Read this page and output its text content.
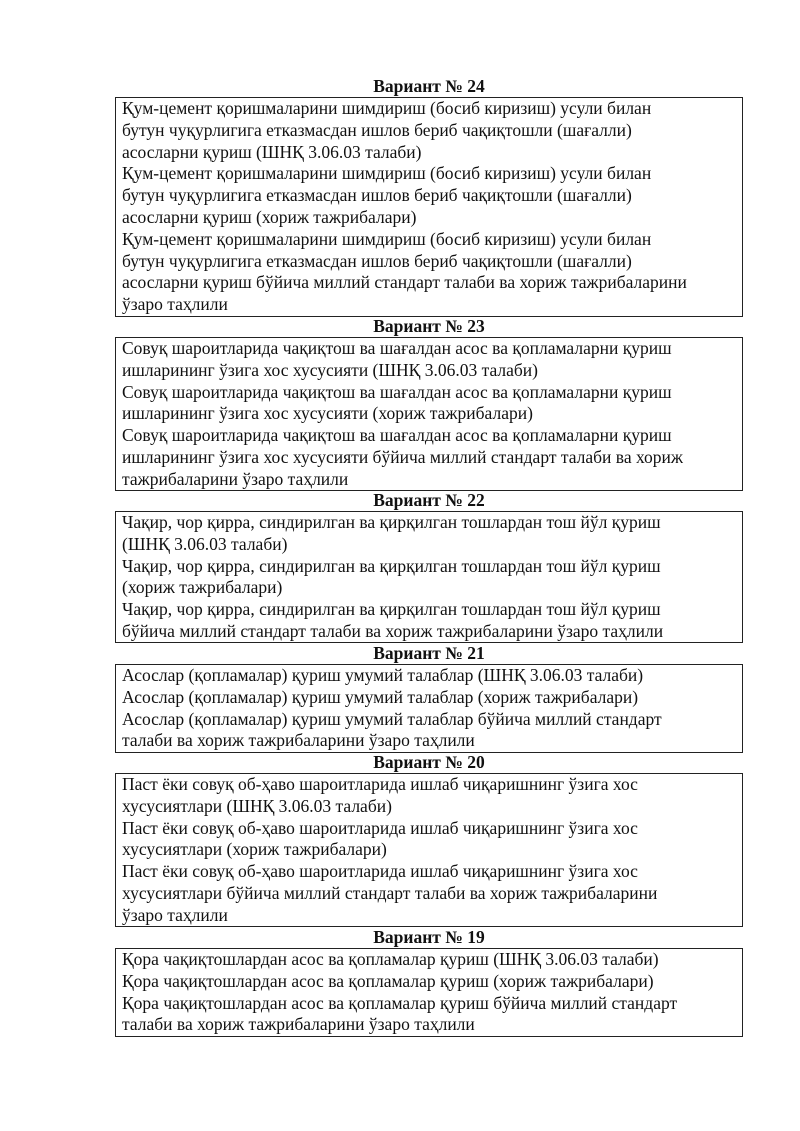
Вариант № 24
Қум-цемент қоришмаларини шимдириш (босиб киризиш) усули билан
бутун чуқурлигига етказмасдан ишлов бериб чақиқтошли (шағалли)
асосларни қуриш (ШНҚ 3.06.03 талаби)
Қум-цемент қоришмаларини шимдириш (босиб киризиш) усули билан
бутун чуқурлигига етказмасдан ишлов бериб чақиқтошли (шағалли)
асосларни қуриш (хориж тажрибалари)
Қум-цемент қоришмаларини шимдириш (босиб киризиш) усули билан
бутун чуқурлигига етказмасдан ишлов бериб чақиқтошли (шағалли)
асосларни қуриш бўйича миллий стандарт талаби ва хориж тажрибаларини
ўзаро таҳлили
Вариант № 23
Совуқ шароитларида чақиқтош ва шағалдан асос ва қопламаларни қуриш
ишларининг ўзига хос хусусияти (ШНҚ 3.06.03 талаби)
Совуқ шароитларида чақиқтош ва шағалдан асос ва қопламаларни қуриш
ишларининг ўзига хос хусусияти (хориж тажрибалари)
Совуқ шароитларида чақиқтош ва шағалдан асос ва қопламаларни қуриш
ишларининг ўзига хос хусусияти бўйича миллий стандарт талаби ва хориж
тажрибаларини ўзаро таҳлили
Вариант № 22
Чақир, чор қирра, синдирилган ва қирқилган тошлардан тош йўл қуриш
(ШНҚ 3.06.03 талаби)
Чақир, чор қирра, синдирилган ва қирқилган тошлардан тош йўл қуриш
(хориж тажрибалари)
Чақир, чор қирра, синдирилган ва қирқилган тошлардан тош йўл қуриш
бўйича миллий стандарт талаби ва хориж тажрибаларини ўзаро таҳлили
Вариант № 21
Асослар (қопламалар) қуриш умумий талаблар (ШНҚ 3.06.03 талаби)
Асослар (қопламалар) қуриш умумий талаблар (хориж тажрибалари)
Асослар (қопламалар) қуриш умумий талаблар бўйича миллий стандарт
талаби ва хориж тажрибаларини ўзаро таҳлили
Вариант № 20
Паст ёки совуқ об-ҳаво шароитларида ишлаб чиқаришнинг ўзига хос
хусусиятлари (ШНҚ 3.06.03 талаби)
Паст ёки совуқ об-ҳаво шароитларида ишлаб чиқаришнинг ўзига хос
хусусиятлари (хориж тажрибалари)
Паст ёки совуқ об-ҳаво шароитларида ишлаб чиқаришнинг ўзига хос
хусусиятлари бўйича миллий стандарт талаби ва хориж тажрибаларини
ўзаро таҳлили
Вариант № 19
Қора чақиқтошлардан асос ва қопламалар қуриш (ШНҚ 3.06.03 талаби)
Қора чақиқтошлардан асос ва қопламалар қуриш (хориж тажрибалари)
Қора чақиқтошлардан асос ва қопламалар қуриш бўйича миллий стандарт
талаби ва хориж тажрибаларини ўзаро таҳлили
